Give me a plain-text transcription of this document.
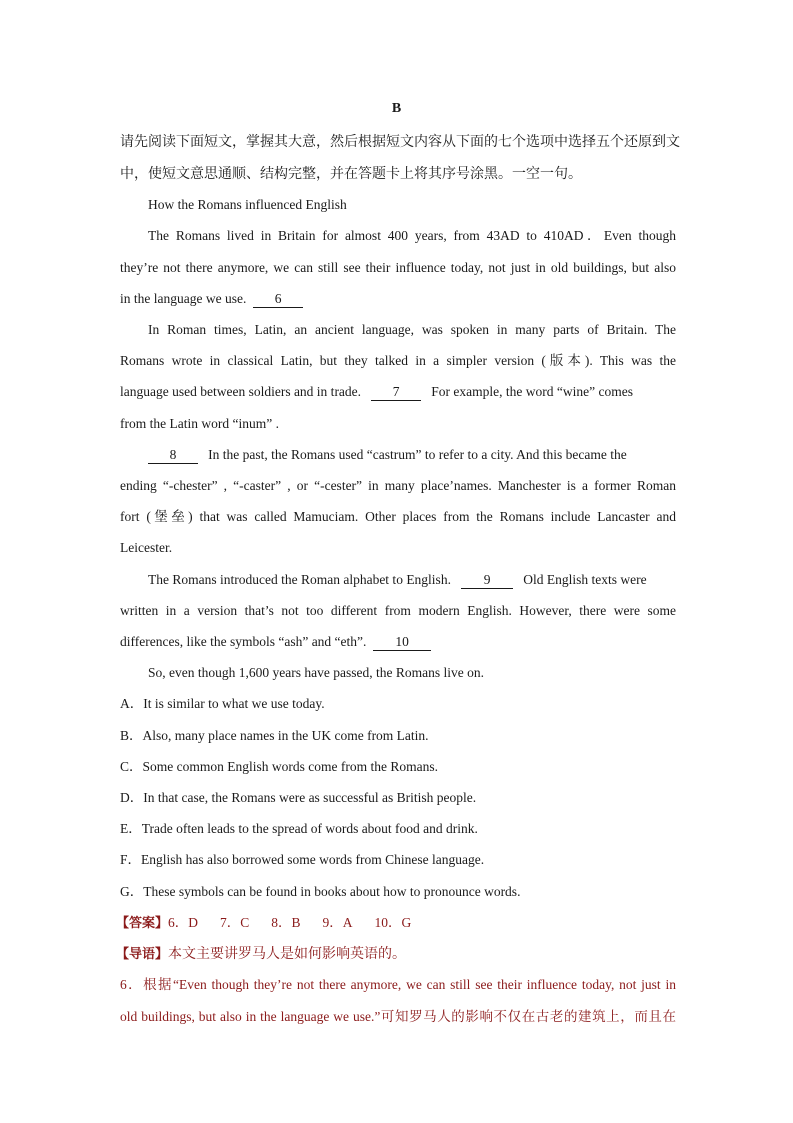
B
请先阅读下面短文，掌握其大意，然后根据短文内容从下面的七个选项中选择五个还原到文
中，使短文意思通顺、结构完整，并在答题卡上将其序号涂黑。一空一句。
How the Romans influenced English
The Romans lived in Britain for almost 400 years, from 43AD to 410AD．Even though
they’re not there anymore, we can still see their influence today, not just in old buildings, but also
in the language we use. 6
In Roman times, Latin, an ancient language, was spoken in many parts of Britain. The
Romans wrote in classical Latin, but they talked in a simpler version (版本). This was the
language used between soldiers and in trade. 7 For example, the word “wine” comes
from the Latin word “inum” .
8 In the past, the Romans used “castrum” to refer to a city. And this became the
ending “-chester” , “-caster” , or “-cester” in many place’names. Manchester is a former Roman
fort (堡垒) that was called Mamuciam. Other places from the Romans include Lancaster and
Leicester.
The Romans introduced the Roman alphabet to English. 9 Old English texts were
written in a version that’s not too different from modern English. However, there were some
differences, like the symbols “ash” and “eth”. 10
So, even though 1,600 years have passed, the Romans live on.
A．It is similar to what we use today.
B．Also, many place names in the UK come from Latin.
C．Some common English words come from the Romans.
D．In that case, the Romans were as successful as British people.
E．Trade often leads to the spread of words about food and drink.
F．English has also borrowed some words from Chinese language.
G．These symbols can be found in books about how to pronounce words.
【答案】6．D 7．C 8．B 9．A 10．G
【导语】本文主要讲罗马人是如何影响英语的。
6．根据“Even though they’re not there anymore, we can still see their influence today, not just in
old buildings, but also in the language we use.”可知罗马人的影响不仅在古老的建筑上，而且在
